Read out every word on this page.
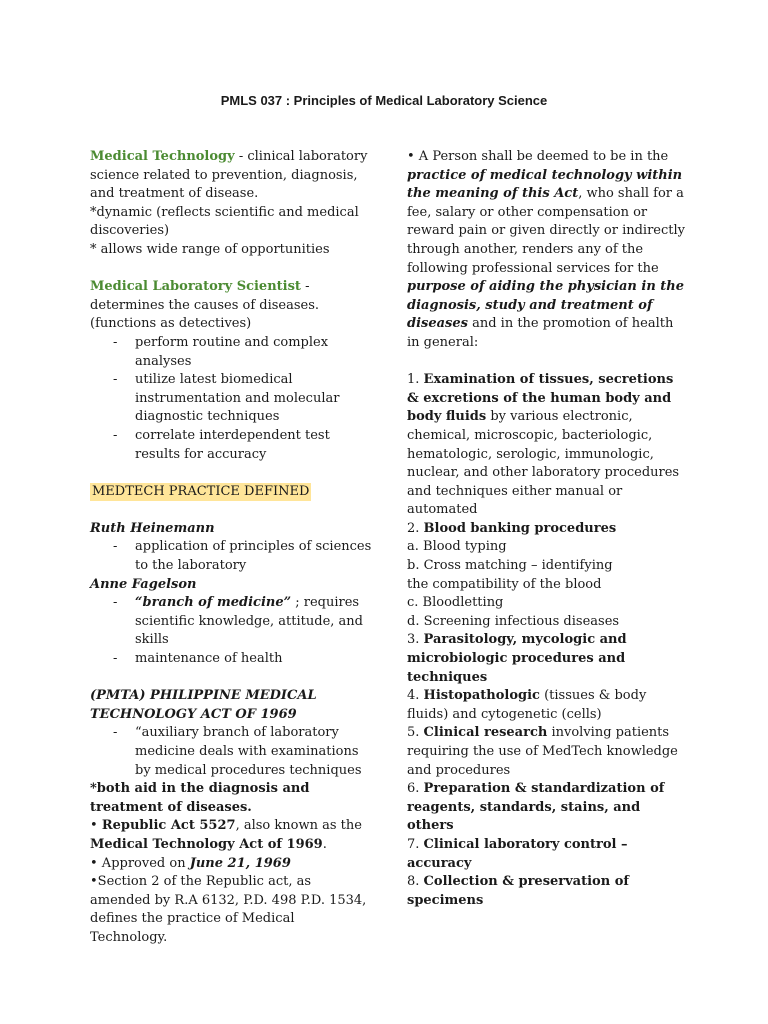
PMLS 037 : Principles of Medical Laboratory Science

Medical Technology - clinical laboratory science related to prevention, diagnosis, and treatment of disease.

*dynamic (reflects scientific and medical discoveries)

* allows wide range of opportunities

Medical Laboratory Scientist -

determines the causes of diseases.

(functions as detectives)

- perform routine and complex analyses
- utilize latest biomedical instrumentation and molecular diagnostic techniques
- correlate interdependent test results for accuracy

MEDTECH PRACTICE DEFINED

Ruth Heinemann

- application of principles of sciences to the laboratory

Anne Fagelson

- “branch of medicine” ; requires scientific knowledge, attitude, and skills
- maintenance of health

(PMTA) PHILIPPINE MEDICAL TECHNOLOGY ACT OF 1969

- “auxiliary branch of laboratory medicine deals with examinations by medical procedures techniques

*both aid in the diagnosis and treatment of diseases.

• Republic Act 5527, also known as the Medical Technology Act of 1969.

• Approved on June 21, 1969

•Section 2 of the Republic act, as amended by R.A 6132, P.D. 498 P.D. 1534, defines the practice of Medical Technology.

• A Person shall be deemed to be in the practice of medical technology within the meaning of this Act, who shall for a fee, salary or other compensation or reward pain or given directly or indirectly through another, renders any of the following professional services for the purpose of aiding the physician in the diagnosis, study and treatment of diseases and in the promotion of health in general:

1. Examination of tissues, secretions & excretions of the human body and body fluids by various electronic, chemical, microscopic, bacteriologic, hematologic, serologic, immunologic, nuclear, and other laboratory procedures and techniques either manual or automated

2. Blood banking procedures

a. Blood typing

b. Cross matching – identifying

the compatibility of the blood

c. Bloodletting

d. Screening infectious diseases

3. Parasitology, mycologic and microbiologic procedures and techniques

4. Histopathologic (tissues & body fluids) and cytogenetic (cells)

5. Clinical research involving patients requiring the use of MedTech knowledge and procedures

6. Preparation & standardization of reagents, standards, stains, and others

7. Clinical laboratory control – accuracy

8. Collection & preservation of specimens
